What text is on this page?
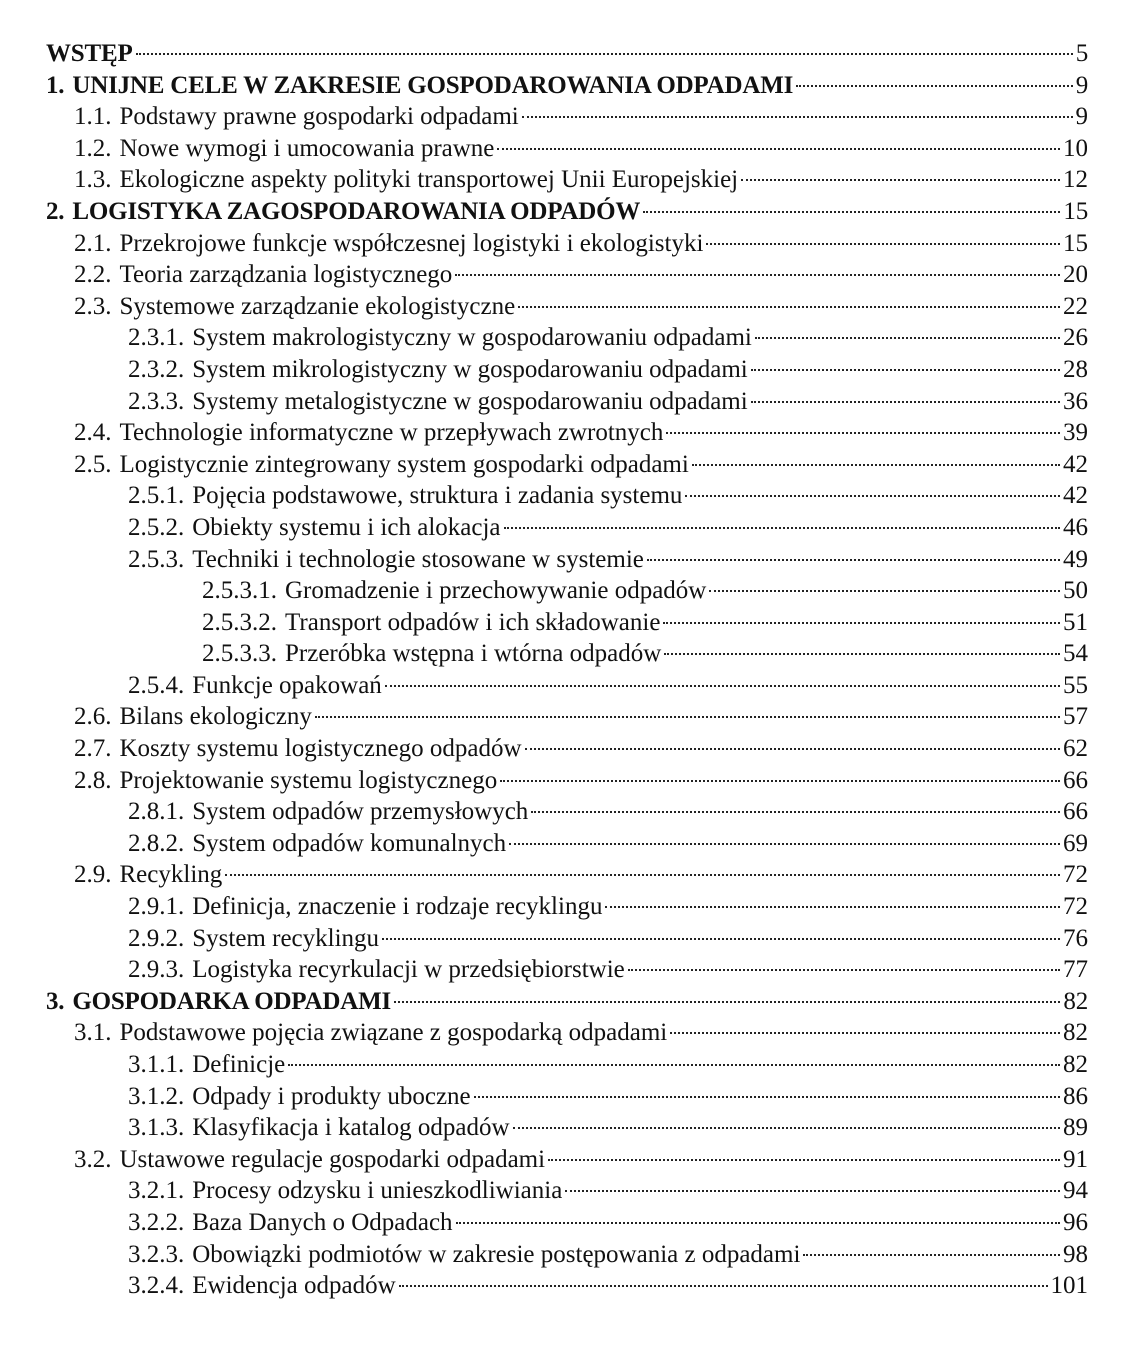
WSTĘP	5
1. UNIJNE CELE W ZAKRESIE GOSPODAROWANIA ODPADAMI	9
1.1. Podstawy prawne gospodarki odpadami	9
1.2. Nowe wymogi i umocowania prawne	10
1.3. Ekologiczne aspekty polityki transportowej Unii Europejskiej	12
2. LOGISTYKA ZAGOSPODAROWANIA ODPADÓW	15
2.1. Przekrojowe funkcje współczesnej logistyki i ekologistyki	15
2.2. Teoria zarządzania logistycznego	20
2.3. Systemowe zarządzanie ekologistyczne	22
2.3.1. System makrologistyczny w gospodarowaniu odpadami	26
2.3.2. System mikrologistyczny w gospodarowaniu odpadami	28
2.3.3. Systemy metalogistyczne w gospodarowaniu odpadami	36
2.4. Technologie informatyczne w przepływach zwrotnych	39
2.5. Logistycznie zintegrowany system gospodarki odpadami	42
2.5.1. Pojęcia podstawowe, struktura i zadania systemu	42
2.5.2. Obiekty systemu i ich alokacja	46
2.5.3. Techniki i technologie stosowane w systemie	49
2.5.3.1. Gromadzenie i przechowywanie odpadów	50
2.5.3.2. Transport odpadów i ich składowanie	51
2.5.3.3. Przeróbka wstępna i wtórna odpadów	54
2.5.4. Funkcje opakowań	55
2.6. Bilans ekologiczny	57
2.7. Koszty systemu logistycznego odpadów	62
2.8. Projektowanie systemu logistycznego	66
2.8.1. System odpadów przemysłowych	66
2.8.2. System odpadów komunalnych	69
2.9. Recykling	72
2.9.1. Definicja, znaczenie i rodzaje recyklingu	72
2.9.2. System recyklingu	76
2.9.3. Logistyka recyrkulacji w przedsiębiorstwie	77
3. GOSPODARKA ODPADAMI	82
3.1. Podstawowe pojęcia związane z gospodarką odpadami	82
3.1.1. Definicje	82
3.1.2. Odpady i produkty uboczne	86
3.1.3. Klasyfikacja i katalog odpadów	89
3.2. Ustawowe regulacje gospodarki odpadami	91
3.2.1. Procesy odzysku i unieszkodliwiania	94
3.2.2. Baza Danych o Odpadach	96
3.2.3. Obowiązki podmiotów w zakresie postępowania z odpadami	98
3.2.4. Ewidencja odpadów	101
